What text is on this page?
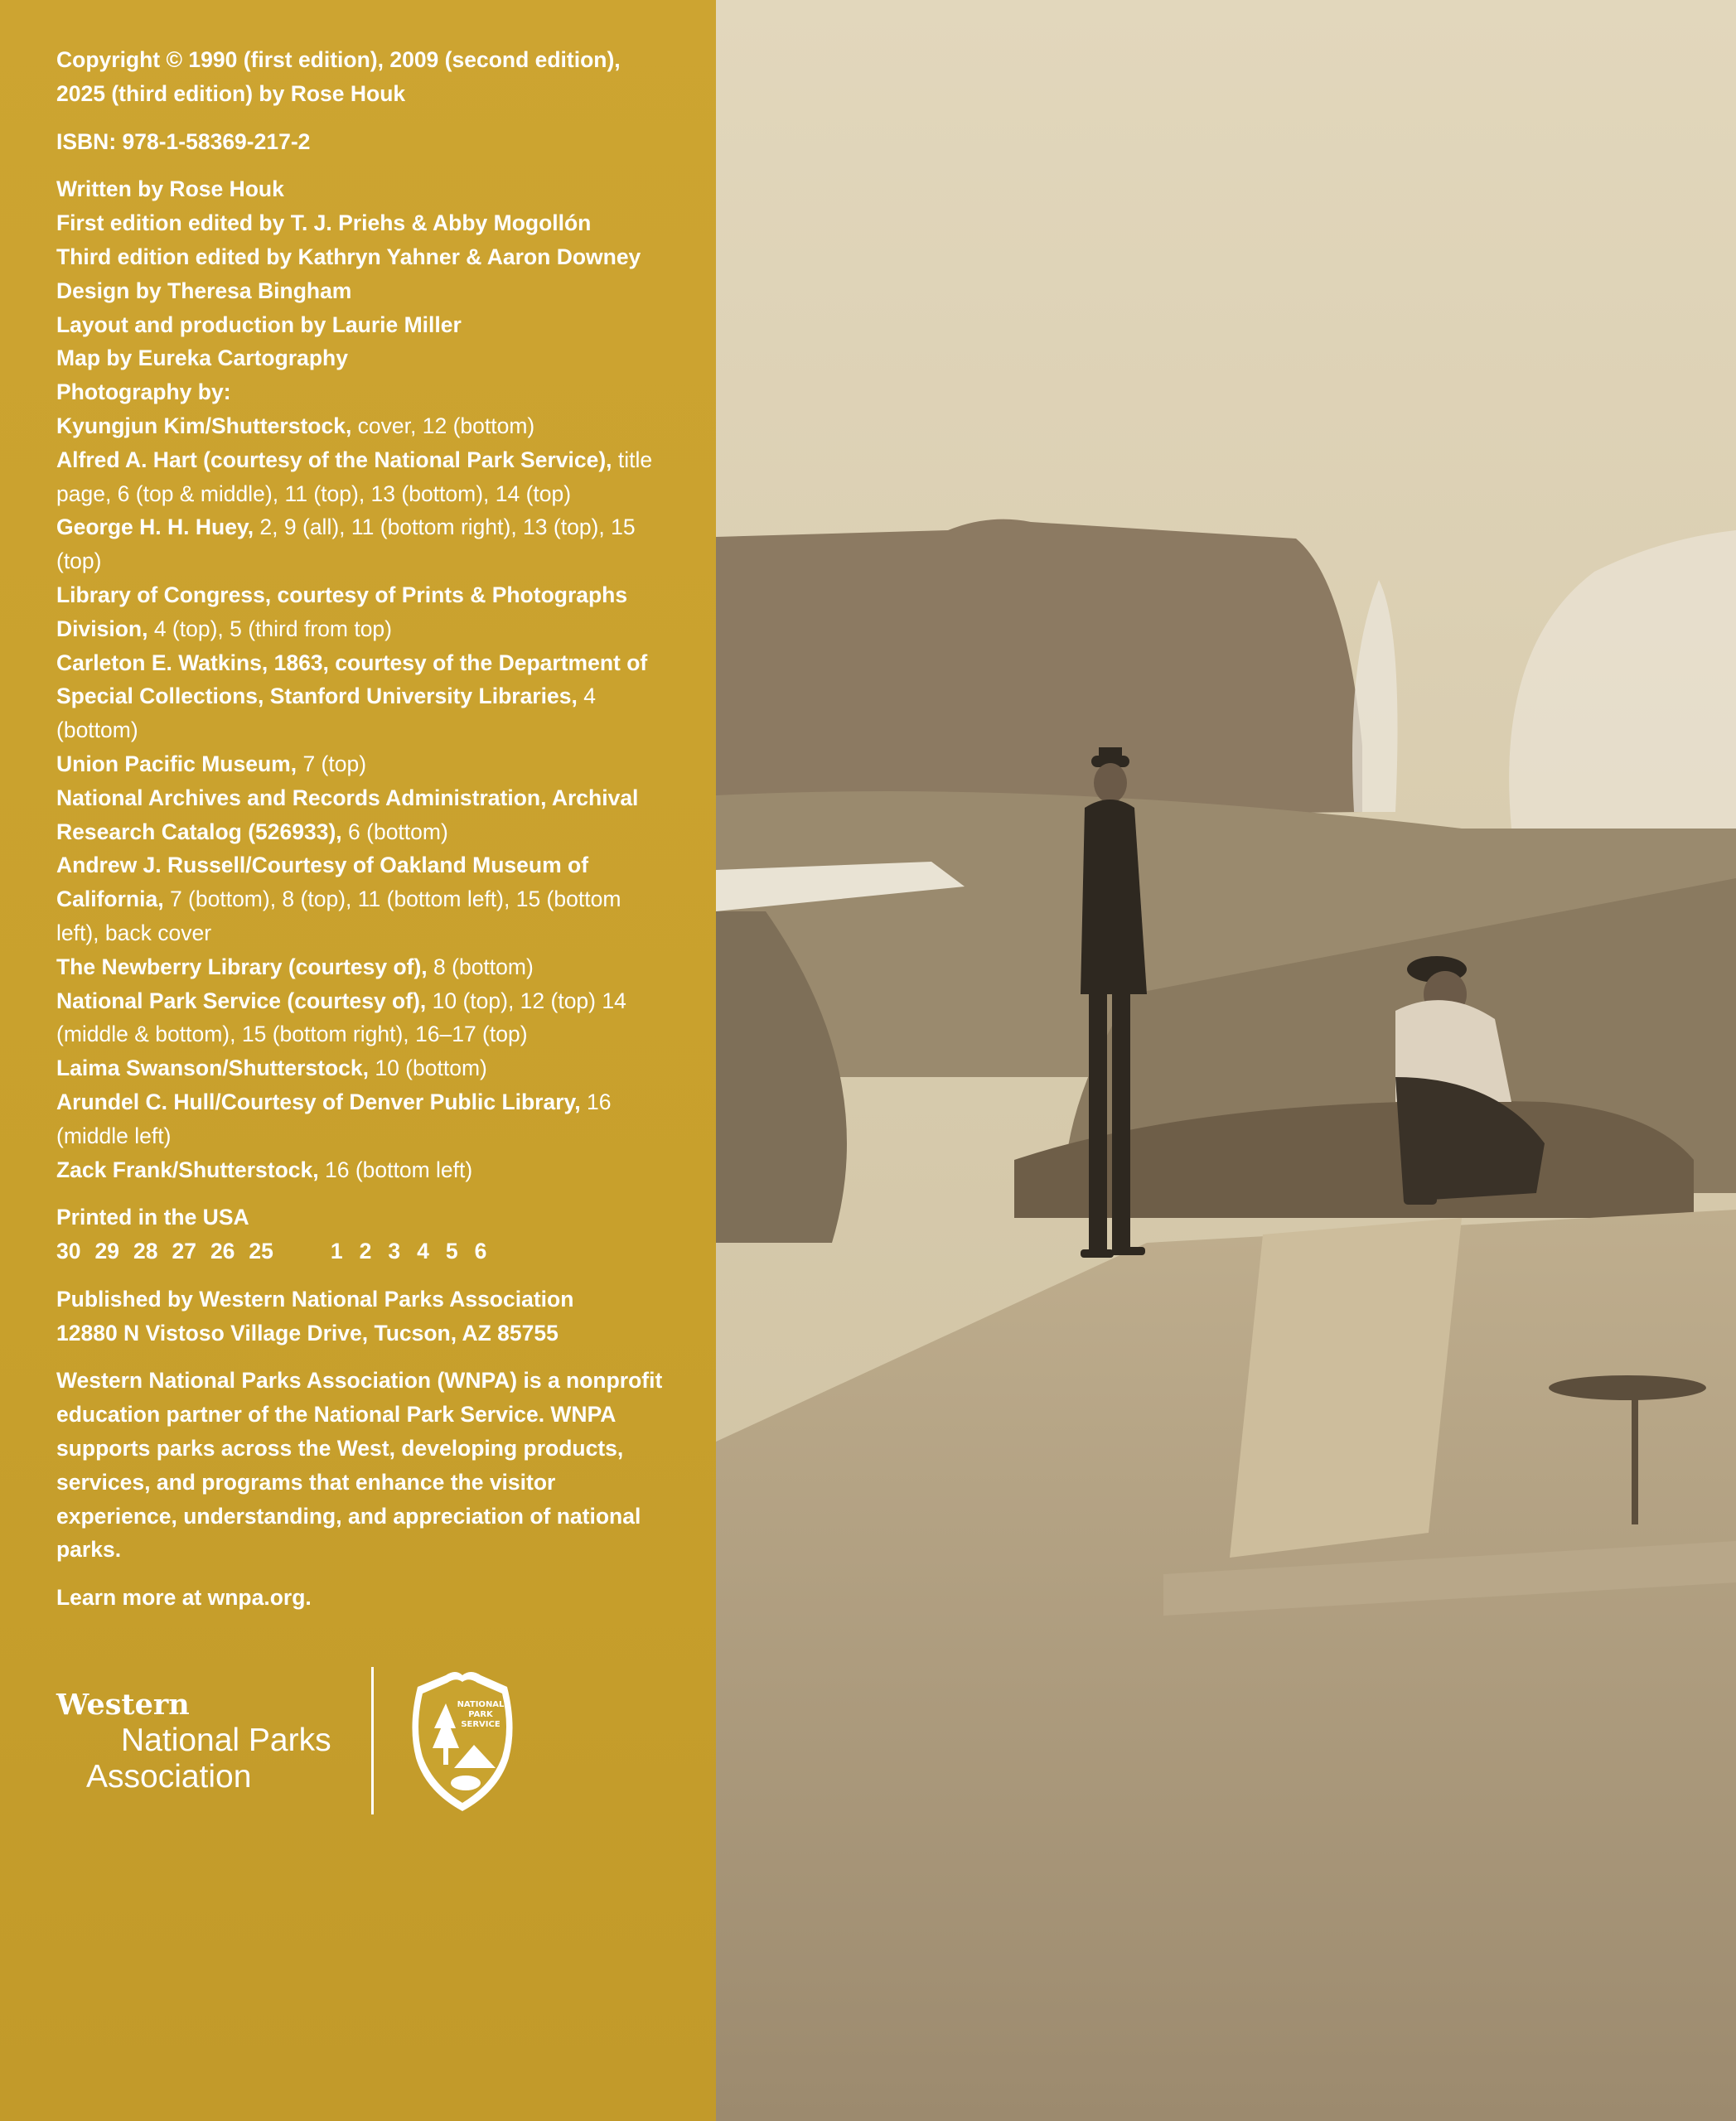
Copyright © 1990 (first edition), 2009 (second edition), 2025 (third edition) by Rose Houk

ISBN: 978-1-58369-217-2

Written by Rose Houk

First edition edited by T. J. Priehs & Abby Mogollón

Third edition edited by Kathryn Yahner & Aaron Downey

Design by Theresa Bingham

Layout and production by Laurie Miller

Map by Eureka Cartography

Photography by:

Kyungjun Kim/Shutterstock, cover, 12 (bottom)

Alfred A. Hart (courtesy of the National Park Service), title page, 6 (top & middle), 11 (top), 13 (bottom), 14 (top)

George H. H. Huey, 2, 9 (all), 11 (bottom right), 13 (top), 15 (top)

Library of Congress, courtesy of Prints & Photographs Division, 4 (top), 5 (third from top)

Carleton E. Watkins, 1863, courtesy of the Department of Special Collections, Stanford University Libraries, 4 (bottom)

Union Pacific Museum, 7 (top)

National Archives and Records Administration, Archival Research Catalog (526933), 6 (bottom)

Andrew J. Russell/Courtesy of Oakland Museum of California, 7 (bottom), 8 (top), 11 (bottom left), 15 (bottom left), back cover

The Newberry Library (courtesy of), 8 (bottom)

National Park Service (courtesy of), 10 (top), 12 (top) 14 (middle & bottom), 15 (bottom right), 16–17 (top)

Laima Swanson/Shutterstock, 10 (bottom)

Arundel C. Hull/Courtesy of Denver Public Library, 16 (middle left)

Zack Frank/Shutterstock, 16 (bottom left)

Printed in the USA

30 29 28 27 26 25	1 2 3 4 5 6

Published by Western National Parks Association

12880 N Vistoso Village Drive, Tucson, AZ 85755

Western National Parks Association (WNPA) is a nonprofit education partner of the National Park Service. WNPA supports parks across the West, developing products, services, and programs that enhance the visitor experience, understanding, and appreciation of national parks.

Learn more at wnpa.org.

Western
National Parks
Association
NATIONAL
PARK
SERVICE
